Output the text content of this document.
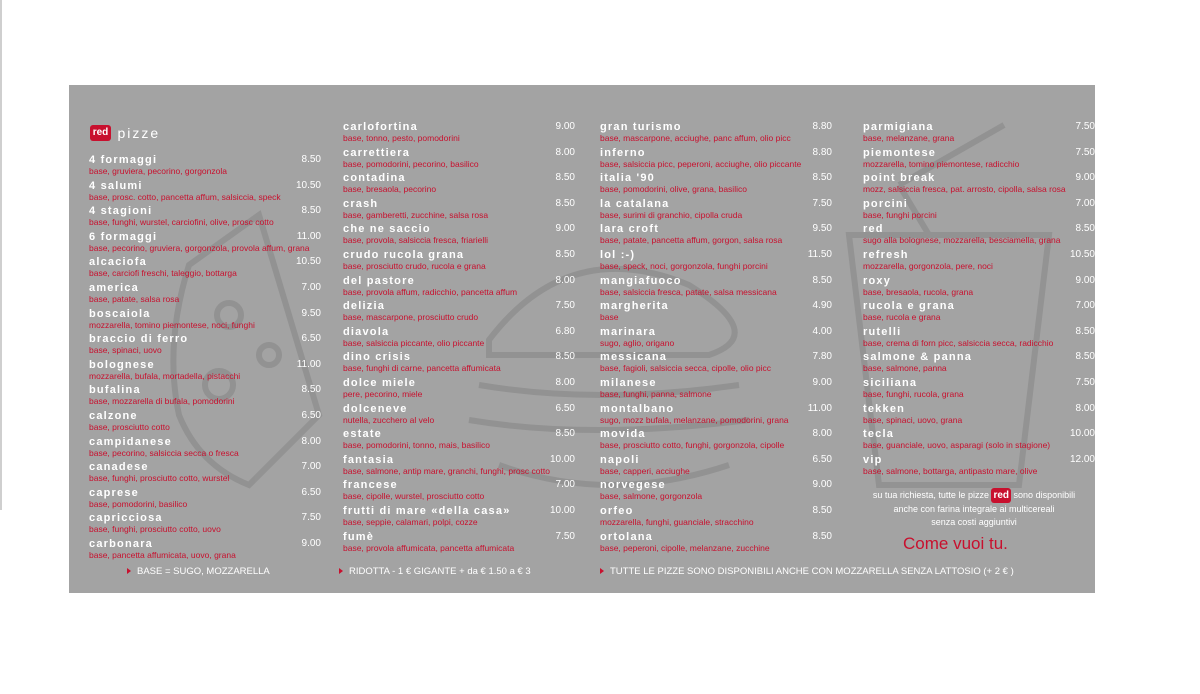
red pizze
4 formaggi	8.50
base, gruviera, pecorino, gorgonzola
4 salumi	10.50
base, prosc. cotto, pancetta affum, salsiccia, speck
4 stagioni	8.50
base, funghi, wurstel, carciofini, olive, prosc cotto
6 formaggi	11.00
base, pecorino, gruviera, gorgonzola, provola affum, grana
alcaciofa	10.50
base, carciofi freschi, taleggio, bottarga
america	7.00
base, patate, salsa rosa
boscaiola	9.50
mozzarella, tomino piemontese, noci, funghi
braccio di ferro	6.50
base, spinaci, uovo
bolognese	11.00
mozzarella, bufala, mortadella, pistacchi
bufalina	8.50
base, mozzarella di bufala, pomodorini
calzone	6.50
base, prosciutto cotto
campidanese	8.00
base, pecorino, salsiccia secca o fresca
canadese	7.00
base, funghi, prosciutto cotto, wurstel
caprese	6.50
base, pomodorini, basilico
capricciosa	7.50
base, funghi, prosciutto cotto, uovo
carbonara	9.00
base, pancetta affumicata, uovo, grana
carlofortina	9.00
base, tonno, pesto, pomodorini
carrettiera	8.00
base, pomodorini, pecorino, basilico
contadina	8.50
base, bresaola, pecorino
crash	8.50
base, gamberetti, zucchine, salsa rosa
che ne saccio	9.00
base, provola, salsiccia fresca, friarielli
crudo rucola grana	8.50
base, prosciutto crudo, rucola e grana
del pastore	8.00
base, provola affum, radicchio, pancetta affum
delizia	7.50
base, mascarpone, prosciutto crudo
diavola	6.80
base, salsiccia piccante, olio piccante
dino crisis	8.50
base, funghi di carne, pancetta affumicata
dolce miele	8.00
pere, pecorino, miele
dolceneve	6.50
nutella, zucchero al velo
estate	8.50
base, pomodorini, tonno, mais, basilico
fantasia	10.00
base, salmone, antip mare, granchi, funghi, prosc cotto
francese	7.00
base, cipolle, wurstel, prosciutto cotto
frutti di mare «della casa»	10.00
base, seppie, calamari, polpi, cozze
fumè	7.50
base, provola affumicata, pancetta affumicata
gran turismo	8.80
base, mascarpone, acciughe, panc affum, olio picc
inferno	8.80
base, salsiccia picc, peperoni, acciughe, olio piccante
italia '90	8.50
base, pomodorini, olive, grana, basilico
la catalana	7.50
base, surimi di granchio, cipolla cruda
lara croft	9.50
base, patate, pancetta affum, gorgon, salsa rosa
lol :-)	11.50
base, speck, noci, gorgonzola, funghi porcini
mangiafuoco	8.50
base, salsiccia fresca, patate, salsa messicana
margherita	4.90
base
marinara	4.00
sugo, aglio, origano
messicana	7.80
base, fagioli, salsiccia secca, cipolle, olio picc
milanese	9.00
base, funghi, panna, salmone
montalbano	11.00
sugo, mozz bufala, melanzane, pomodorini, grana
movida	8.00
base, prosciutto cotto, funghi, gorgonzola, cipolle
napoli	6.50
base, capperi, acciughe
norvegese	9.00
base, salmone, gorgonzola
orfeo	8.50
mozzarella, funghi, guanciale, stracchino
ortolana	8.50
base, peperoni, cipolle, melanzane, zucchine
parmigiana	7.50
base, melanzane, grana
piemontese	7.50
mozzarella, tomino piemontese, radicchio
point break	9.00
mozz, salsiccia fresca, pat. arrosto, cipolla, salsa rosa
porcini	7.00
base, funghi porcini
red	8.50
sugo alla bolognese, mozzarella, besciamella, grana
refresh	10.50
mozzarella, gorgonzola, pere, noci
roxy	9.00
base, bresaola, rucola, grana
rucola e grana	7.00
base, rucola e grana
rutelli	8.50
base, crema di forn picc, salsiccia secca, radicchio
salmone & panna	8.50
base, salmone, panna
siciliana	7.50
base, funghi, rucola, grana
tekken	8.00
base, spinaci, uovo, grana
tecla	10.00
base, guanciale, uovo, asparagi (solo in stagione)
vip	12.00
base, salmone, bottarga, antipasto mare, olive
su tua richiesta, tutte le pizze red sono disponibili
anche con farina integrale ai multicereali
senza costi aggiuntivi
Come vuoi tu.
BASE = SUGO, MOZZARELLA	RIDOTTA - 1 € GIGANTE + da € 1.50 a € 3	TUTTE LE PIZZE SONO DISPONIBILI ANCHE CON MOZZARELLA SENZA LATTOSIO (+ 2 € )
